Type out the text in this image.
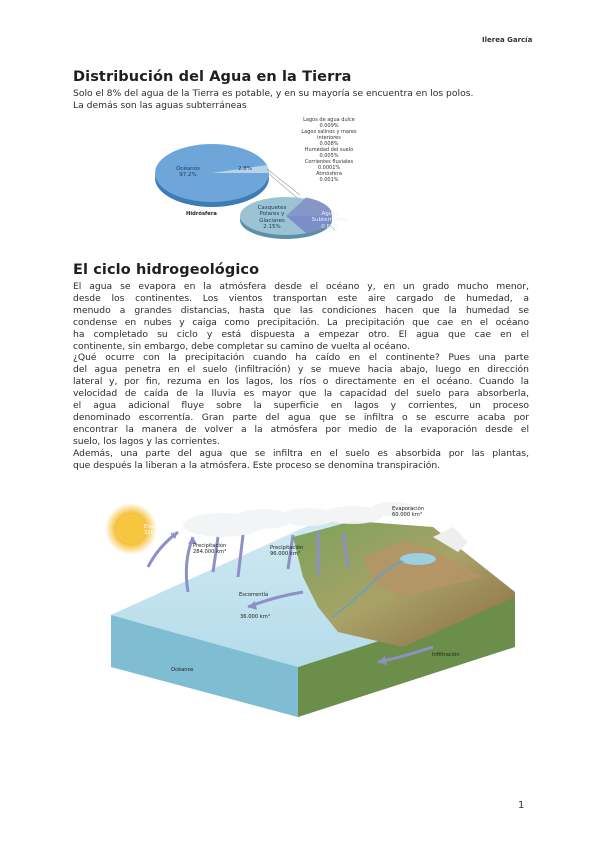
Ilerea García
Distribución del Agua en la Tierra
Solo el 8% del agua de la Tierra es potable, y en su mayoría se encuentra en los polos.
La demás son las aguas subterráneas
Océanos
97.2%
2.8%
Hidrósfera
Casquetes Polares y Glaciares
2.15%
Aguas Subterráneas
0.62%
Lagos de agua dulce
0.009%
Lagos salinos y mares interiores
0.008%
Humedad del suelo
0.005%
Corrientes fluviales
0.0001%
Atmósfera
0.001%
El ciclo hidrogeológico
El agua se evapora en la atmósfera desde el océano y, en un grado mucho menor,
desde los continentes. Los vientos transportan este aire cargado de humedad, a
menudo a grandes distancias, hasta que las condiciones hacen que la humedad se
condense en nubes y caiga como precipitación. La precipitación que cae en el océano
ha completado su ciclo y está dispuesta a empezar otro. El agua que cae en el
continente, sin embargo, debe completar su camino de vuelta al océano.
¿Qué ocurre con la precipitación cuando ha caído en el continente? Pues una parte
del agua penetra en el suelo (infiltración) y se mueve hacia abajo, luego en dirección
lateral y, por fin, rezuma en los lagos, los ríos o directamente en el océano. Cuando la
velocidad de caída de la lluvia es mayor que la capacidad del suelo para absorberla,
el agua adicional fluye sobre la superficie en lagos y corrientes, un proceso
denominado escorrentía. Gran parte del agua que se infiltra o se escurre acaba por
encontrar la manera de volver a la atmósfera por medio de la evaporación desde el
suelo, los lagos y las corrientes.
Además, una parte del agua que se infiltra en el suelo es absorbida por las plantas,
que después la liberan a la atmósfera. Este proceso se denomina transpiración.
Evaporación
320.000 km³
Precipitación
284.000 km³
Precipitación
96.000 km³
Evaporación
60.000 km³
Escorrentía
36.000 km³
Infiltración
Océanos
1
